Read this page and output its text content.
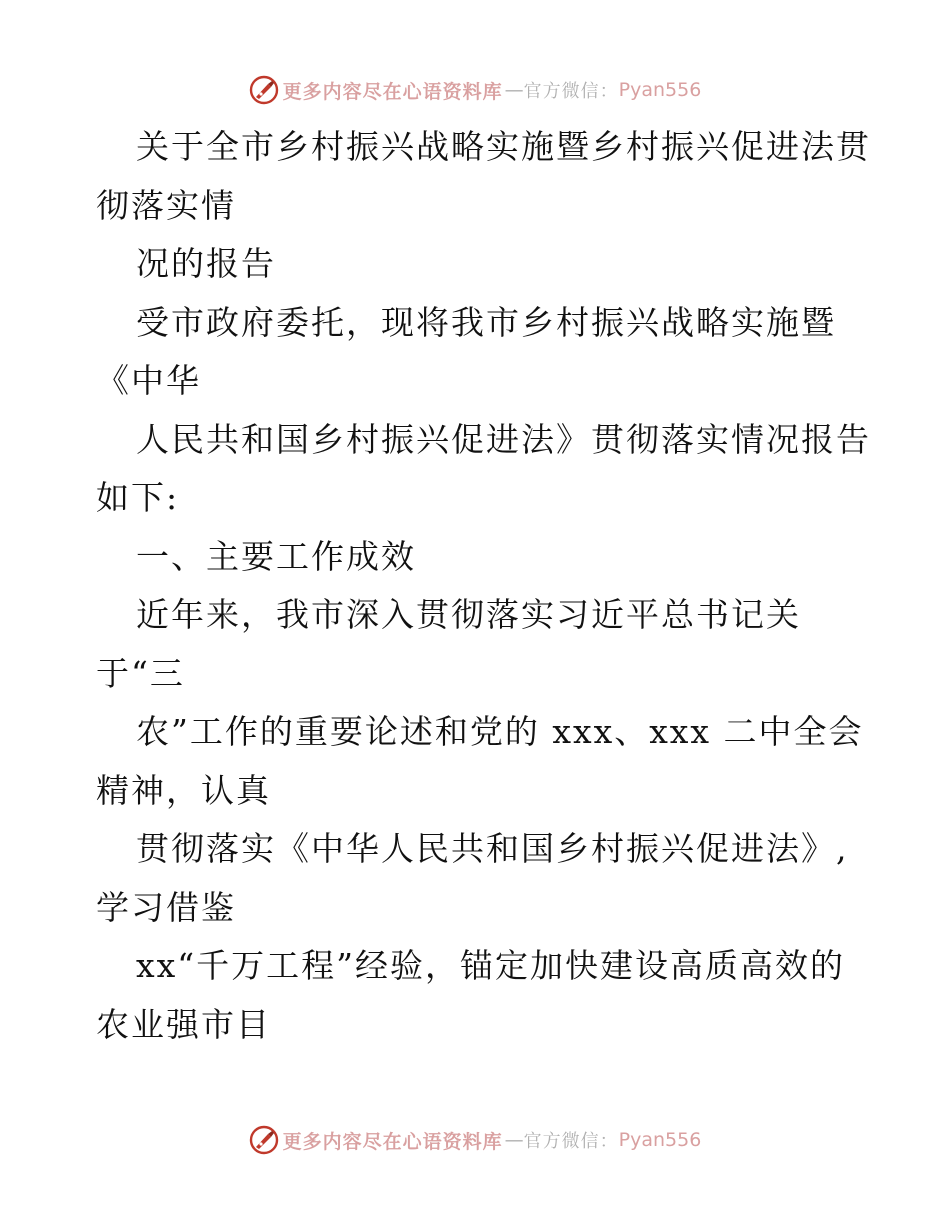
更多内容尽在心语资料库 — 官方微信： Pyan556
关于全市乡村振兴战略实施暨乡村振兴促进法贯
彻落实情
况的报告
受市政府委托，现将我市乡村振兴战略实施暨
《中华
人民共和国乡村振兴促进法》贯彻落实情况报告
如下:
一、主要工作成效
近年来，我市深入贯彻落实习近平总书记关
于“三
农”工作的重要论述和党的 xxx、xxx 二中全会
精神，认真
贯彻落实《中华人民共和国乡村振兴促进法》,
学习借鉴
xx“千万工程”经验，锚定加快建设高质高效的
农业强市目
更多内容尽在心语资料库 — 官方微信： Pyan556
